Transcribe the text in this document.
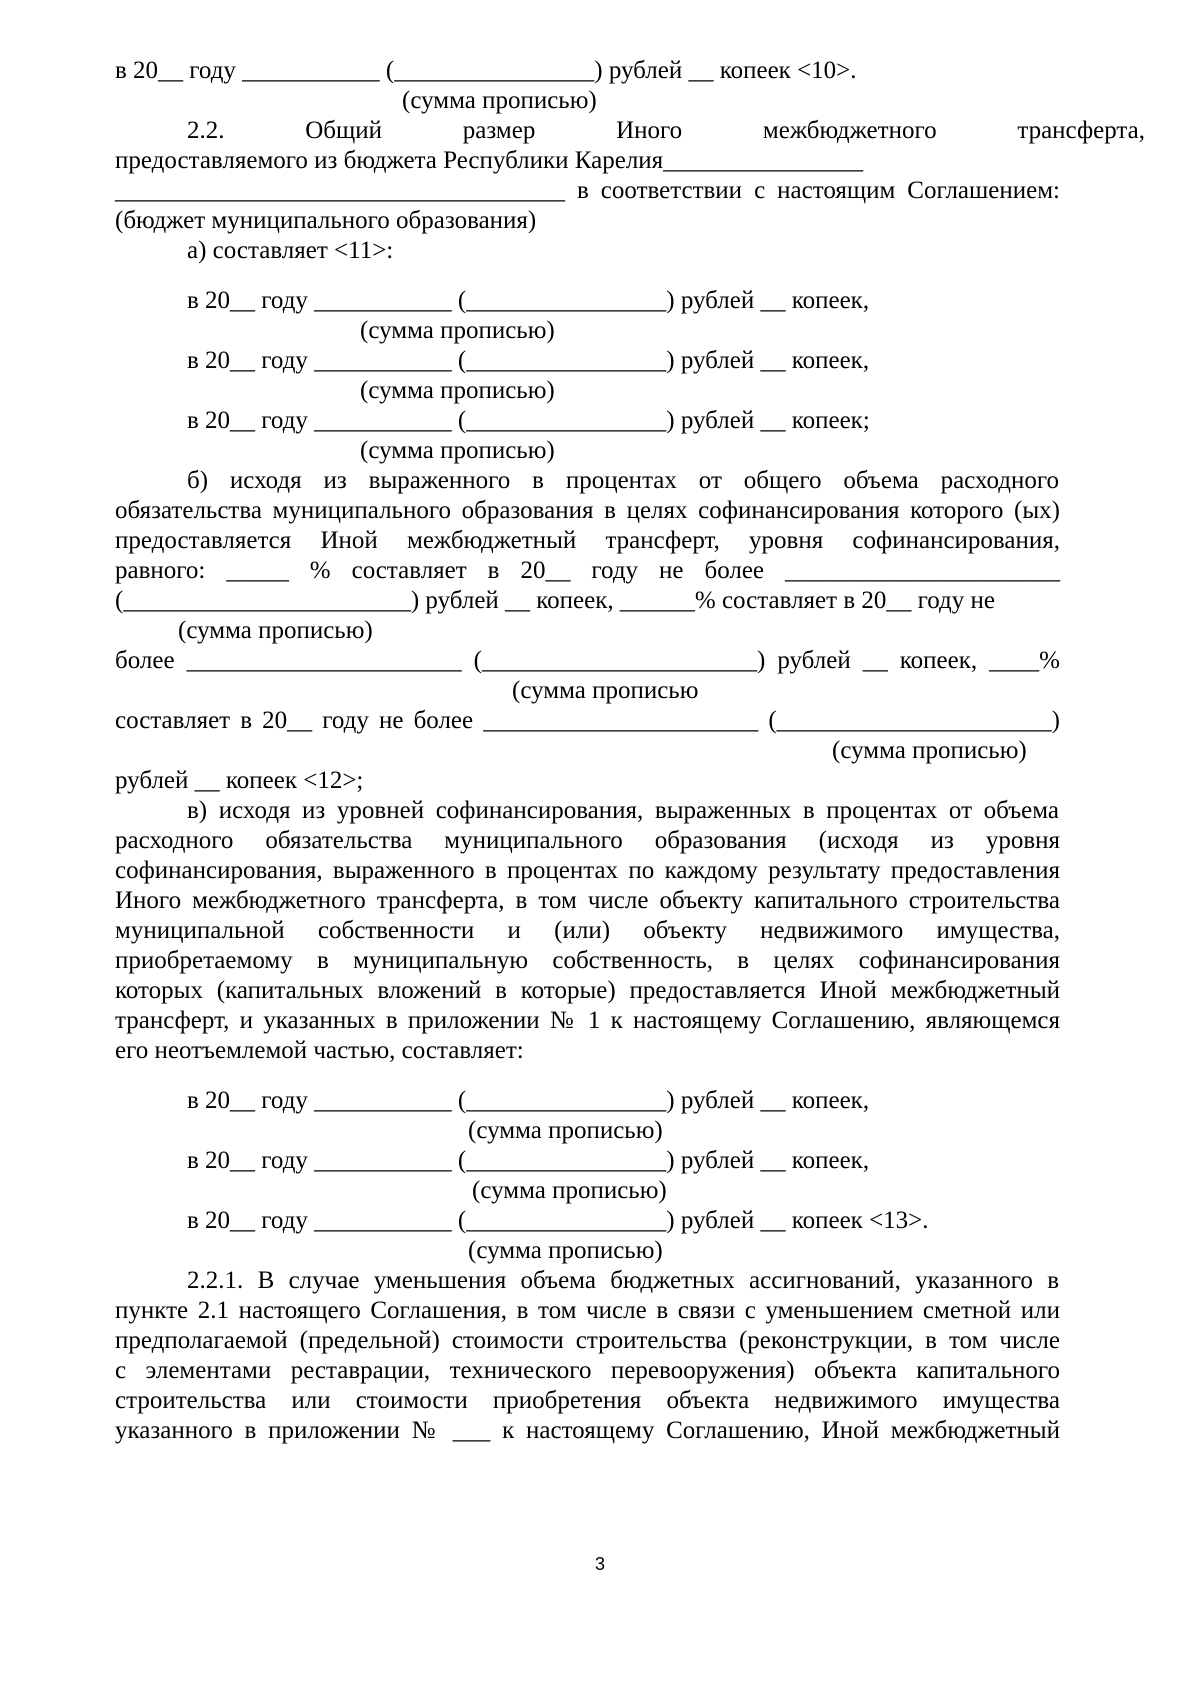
в 20__ году ___________ (________________) рублей __ копеек <10>.
(сумма прописью)
2.2. Общий размер Иного межбюджетного трансферта,
предоставляемого из бюджета Республики Карелия________________
____________________________________ в соответствии с настоящим Соглашением:
(бюджет муниципального образования)
а) составляет <11>:
в 20__ году ___________ (________________) рублей __ копеек,
(сумма прописью)
в 20__ году ___________ (________________) рублей __ копеек,
(сумма прописью)
в 20__ году ___________ (________________) рублей __ копеек;
(сумма прописью)
б) исходя из выраженного в процентах от общего объема расходного
обязательства муниципального образования в целях софинансирования которого (ых)
предоставляется Иной межбюджетный трансферт, уровня софинансирования,
равного: _____ % составляет в 20__ году не более ______________________
(_______________________) рублей __ копеек, ______% составляет в 20__ году не
(сумма прописью)
более ______________________ (______________________) рублей __ копеек, ____%
(сумма прописью
составляет в 20__ году не более ______________________ (______________________)
(сумма прописью)
рублей __ копеек <12>;
в) исходя из уровней софинансирования, выраженных в процентах от объема
расходного обязательства муниципального образования (исходя из уровня
софинансирования, выраженного в процентах по каждому результату предоставления
Иного межбюджетного трансферта, в том числе объекту капитального строительства
муниципальной собственности и (или) объекту недвижимого имущества,
приобретаемому в муниципальную собственность, в целях софинансирования
которых (капитальных вложений в которые) предоставляется Иной межбюджетный
трансферт, и указанных в приложении № 1 к настоящему Соглашению, являющемся
его неотъемлемой частью, составляет:
в 20__ году ___________ (________________) рублей __ копеек,
(сумма прописью)
в 20__ году ___________ (________________) рублей __ копеек,
(сумма прописью)
в 20__ году ___________ (________________) рублей __ копеек <13>.
(сумма прописью)
2.2.1. В случае уменьшения объема бюджетных ассигнований, указанного в
пункте 2.1 настоящего Соглашения, в том числе в связи с уменьшением сметной или
предполагаемой (предельной) стоимости строительства (реконструкции, в том числе
с элементами реставрации, технического перевооружения) объекта капитального
строительства или стоимости приобретения объекта недвижимого имущества
указанного в приложении № ___ к настоящему Соглашению, Иной межбюджетный
3
